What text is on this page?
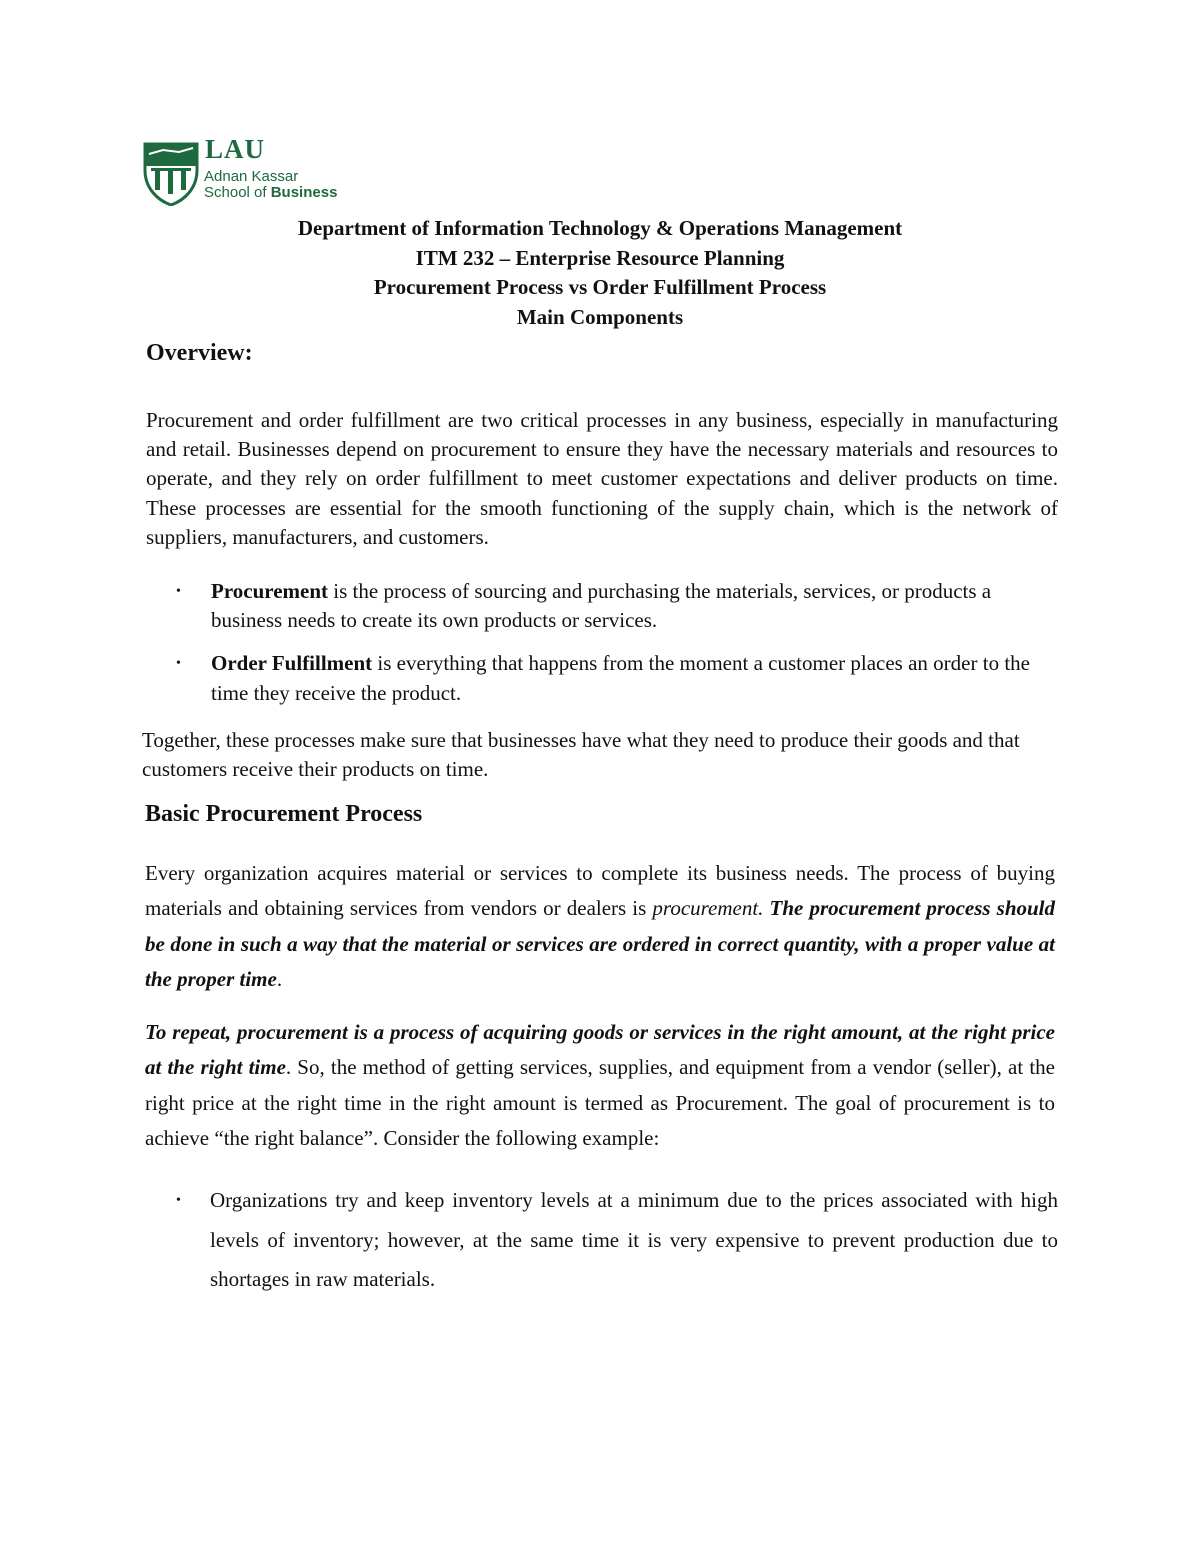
LAU
Adnan Kassar
School of Business
Department of Information Technology & Operations Management
ITM 232 – Enterprise Resource Planning
Procurement Process vs Order Fulfillment Process
Main Components
Overview:

Procurement and order fulfillment are two critical processes in any business, especially in manufacturing and retail. Businesses depend on procurement to ensure they have the necessary materials and resources to operate, and they rely on order fulfillment to meet customer expectations and deliver products on time. These processes are essential for the smooth functioning of the supply chain, which is the network of suppliers, manufacturers, and customers.

• Procurement is the process of sourcing and purchasing the materials, services, or products a business needs to create its own products or services.
• Order Fulfillment is everything that happens from the moment a customer places an order to the time they receive the product.

Together, these processes make sure that businesses have what they need to produce their goods and that customers receive their products on time.

Basic Procurement Process

Every organization acquires material or services to complete its business needs. The process of buying materials and obtaining services from vendors or dealers is procurement. The procurement process should be done in such a way that the material or services are ordered in correct quantity, with a proper value at the proper time.

To repeat, procurement is a process of acquiring goods or services in the right amount, at the right price at the right time. So, the method of getting services, supplies, and equipment from a vendor (seller), at the right price at the right time in the right amount is termed as Procurement. The goal of procurement is to achieve “the right balance”. Consider the following example:

• Organizations try and keep inventory levels at a minimum due to the prices associated with high levels of inventory; however, at the same time it is very expensive to prevent production due to shortages in raw materials.
